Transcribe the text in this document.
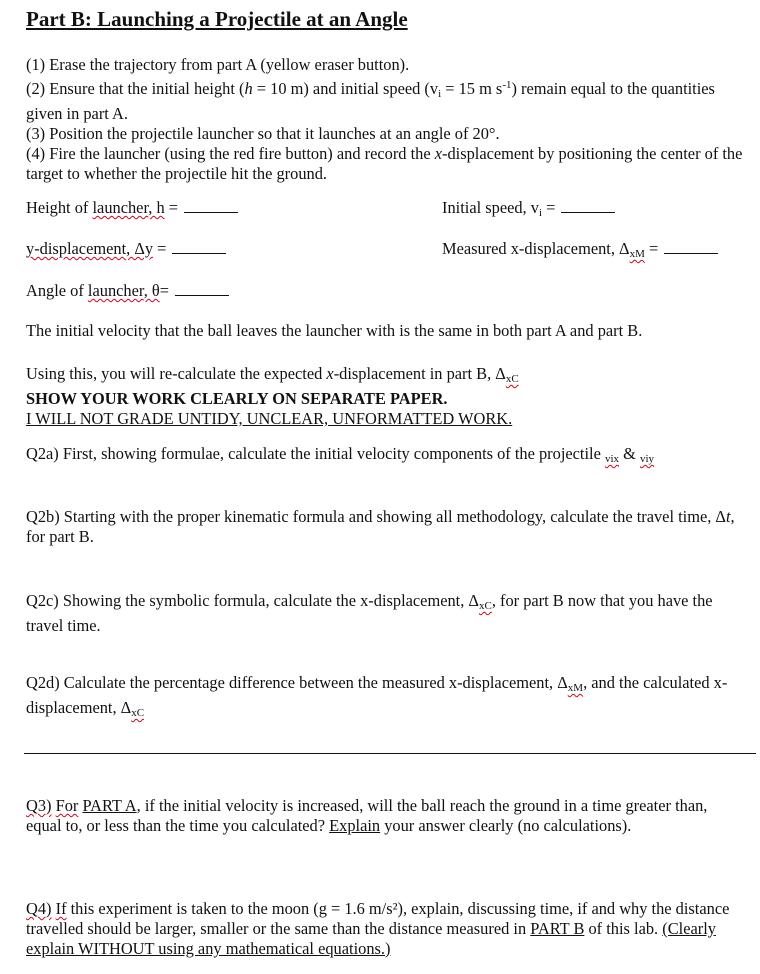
Part B: Launching a Projectile at an Angle
(1) Erase the trajectory from part A (yellow eraser button).
(2) Ensure that the initial height (h = 10 m) and initial speed ($v_i = 15$ m $s^{-1}$) remain equal to the quantities given in part A.
(3) Position the projectile launcher so that it launches at an angle of 20°.
(4) Fire the launcher (using the red fire button) and record the x-displacement by positioning the center of the target to whether the projectile hit the ground.
Height of launcher, h =	Initial speed, $v_i$ =
y-displacement, Δy =	Measured x-displacement, $\Delta_{xM}$ =
Angle of launcher, θ=
The initial velocity that the ball leaves the launcher with is the same in both part A and part B.
Using this, you will re-calculate the expected x-displacement in part B, $\Delta_{xC}$
SHOW YOUR WORK CLEARLY ON SEPARATE PAPER.
I WILL NOT GRADE UNTIDY, UNCLEAR, UNFORMATTED WORK.
Q2a) First, showing formulae, calculate the initial velocity components of the projectile $_{vix}$ & $_{viy}$
Q2b) Starting with the proper kinematic formula and showing all methodology, calculate the travel time, Δt, for part B.
Q2c) Showing the symbolic formula, calculate the x-displacement, $\Delta_{xC}$, for part B now that you have the travel time.
Q2d) Calculate the percentage difference between the measured x-displacement, $\Delta_{xM}$, and the calculated x-displacement, $\Delta_{xC}$
Q3) For PART A, if the initial velocity is increased, will the ball reach the ground in a time greater than, equal to, or less than the time you calculated? Explain your answer clearly (no calculations).
Q4) If this experiment is taken to the moon (g = 1.6 m/s²), explain, discussing time, if and why the distance travelled should be larger, smaller or the same than the distance measured in PART B of this lab. (Clearly explain WITHOUT using any mathematical equations.)
